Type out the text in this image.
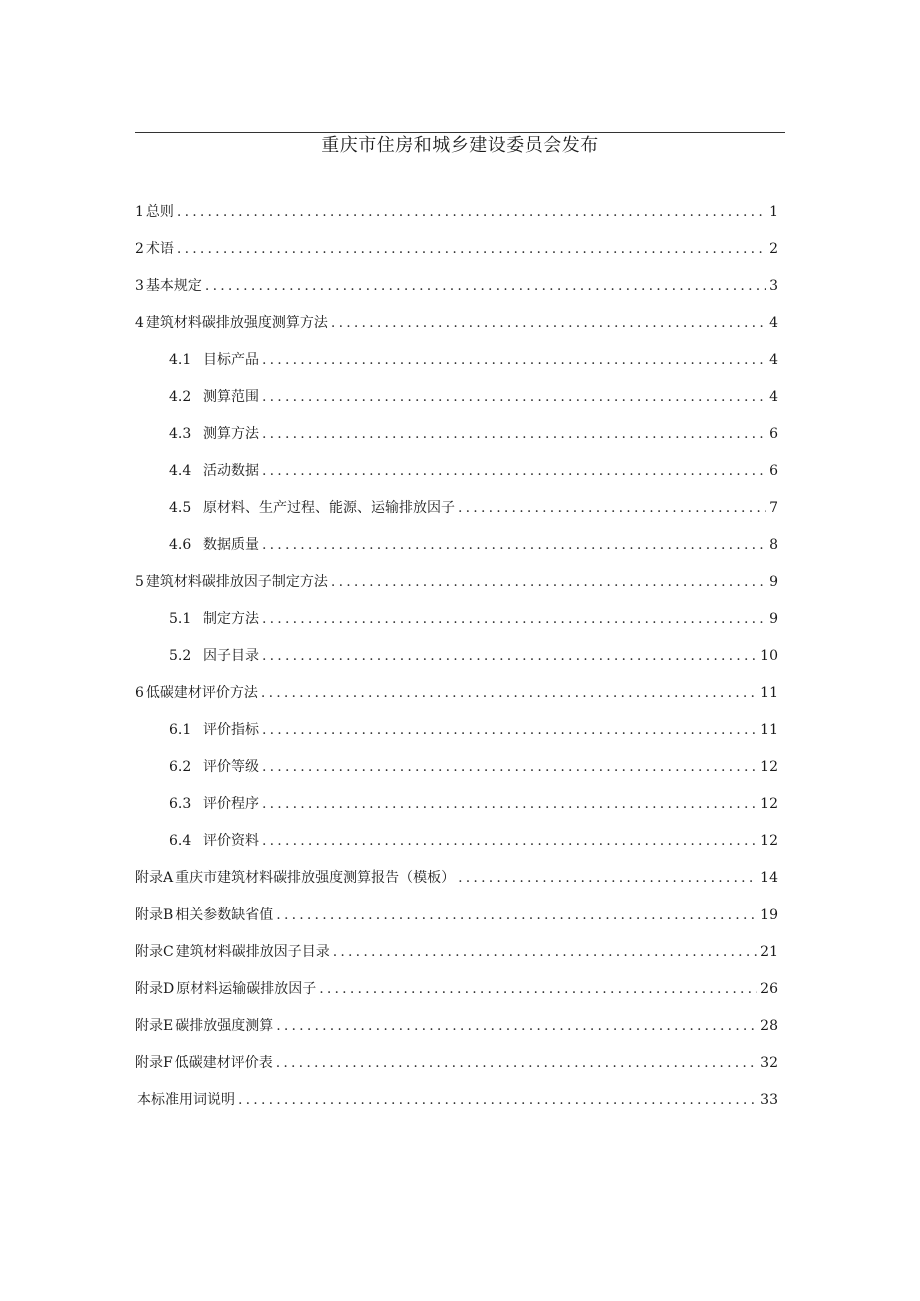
重庆市住房和城乡建设委员会发布
1 总则 .....	1
2 术语 .....	2
3 基本规定 .....	3
4 建筑材料碳排放强度测算方法 .....	4
4.1 目标产品 .....	4
4.2 测算范围 .....	4
4.3 测算方法 .....	6
4.4 活动数据 .....	6
4.5 原材料、生产过程、能源、运输排放因子 .....	7
4.6 数据质量 .....	8
5 建筑材料碳排放因子制定方法 .....	9
5.1 制定方法 .....	9
5.2 因子目录 .....	10
6 低碳建材评价方法 .....	11
6.1 评价指标 .....	11
6.2 评价等级 .....	12
6.3 评价程序 .....	12
6.4 评价资料 .....	12
附录A 重庆市建筑材料碳排放强度测算报告（模板） .....	14
附录B 相关参数缺省值 .....	19
附录C 建筑材料碳排放因子目录 .....	21
附录D 原材料运输碳排放因子 .....	26
附录E 碳排放强度测算 .....	28
附录F 低碳建材评价表 .....	32
本标准用词说明 .....	33
